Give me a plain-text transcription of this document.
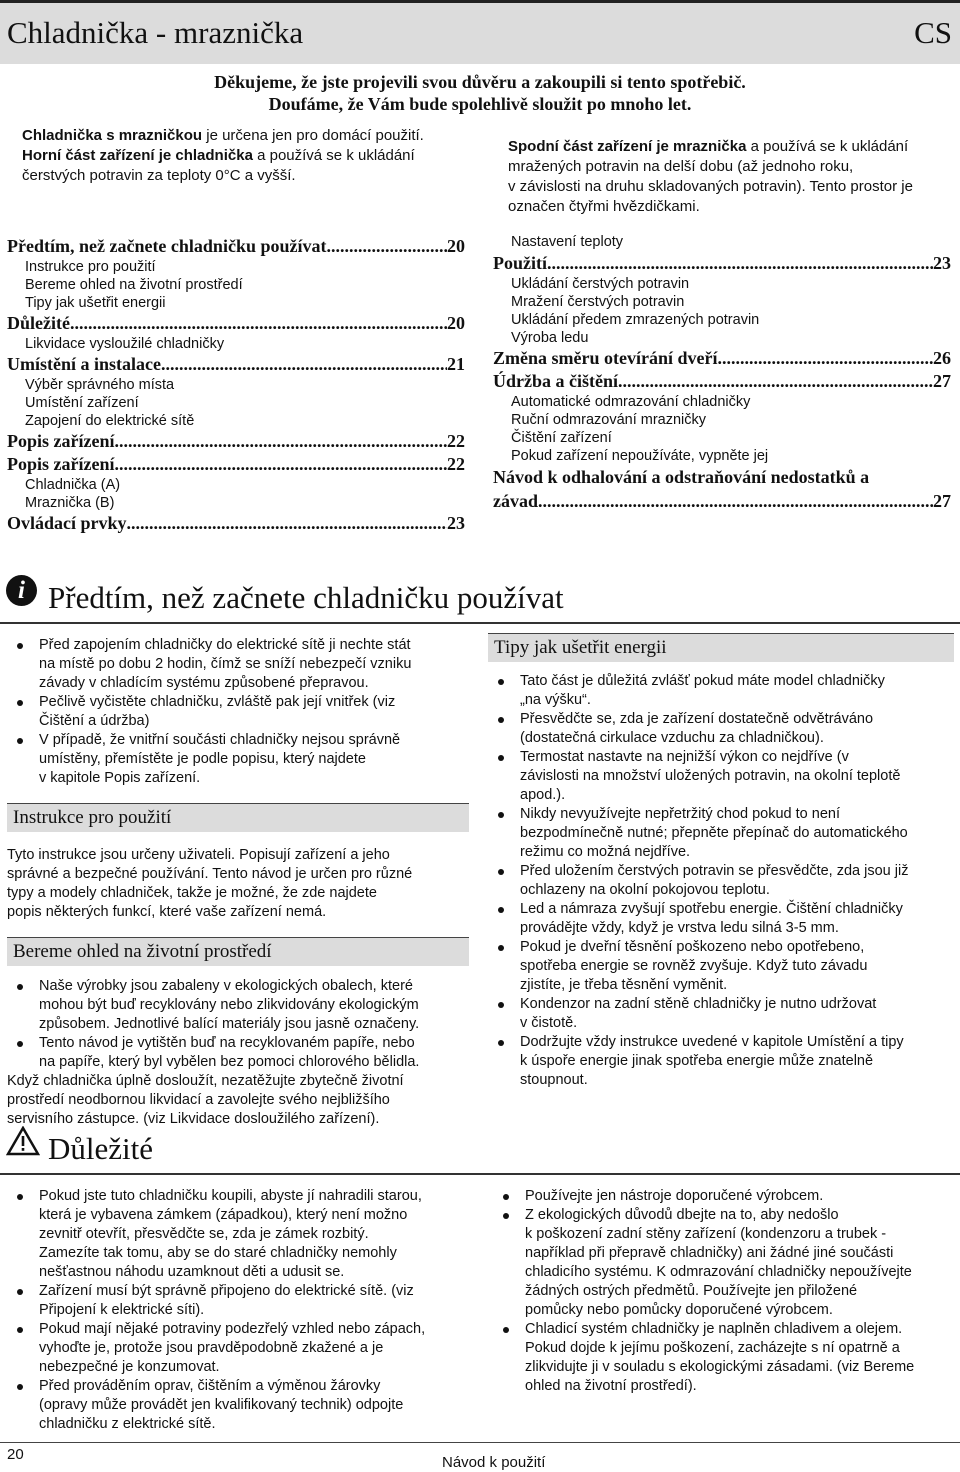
Chladnička - mraznička	CS
Děkujeme, že jste projevili svou důvěru a zakoupili si tento spotřebič.
Doufáme, že Vám bude spolehlivě sloužit po mnoho let.
Chladnička s mrazničkou je určena jen pro domácí použití.
Horní část zařízení je chladnička a používá se k ukládání
čerstvých potravin za teploty 0°C a vyšší.
Spodní část zařízení je mraznička a používá se k ukládání
mražených potravin na delší dobu (až jednoho roku,
v závislosti na druhu skladovaných potravin). Tento prostor je
označen čtyřmi hvězdičkami.
Předtím, než začnete chladničku používat .....	20
Instrukce pro použití
Bereme ohled na životní prostředí
Tipy jak ušetřit energii
Důležité .....	20
Likvidace vysloužilé chladničky
Umístění a instalace .....	21
Výběr správného místa
Umístění zařízení
Zapojení do elektrické sítě
Popis zařízení .....	22
Popis zařízení .....	22
Chladnička (A)
Mraznička (B)
Ovládací prvky .....	23
Nastavení teploty
Použití .....	23
Ukládání čerstvých potravin
Mražení čerstvých potravin
Ukládání předem zmrazených potravin
Výroba ledu
Změna směru otevírání dveří .....	26
Údržba a čištění .....	27
Automatické odmrazování chladničky
Ruční odmrazování mrazničky
Čištění zařízení
Pokud zařízení nepoužíváte, vypněte jej
Návod k odhalování a odstraňování nedostatků a
závad .....	27
i Předtím, než začnete chladničku používat
Před zapojením chladničky do elektrické sítě ji nechte stát
na místě po dobu 2 hodin, čímž se sníží nebezpečí vzniku
závady v chladícím systému způsobené přepravou.
Pečlivě vyčistěte chladničku, zvláště pak její vnitřek (viz
Čištění a údržba)
V případě, že vnitřní součásti chladničky nejsou správně
umístěny, přemístěte je podle popisu, který najdete
v kapitole Popis zařízení.
Instrukce pro použití
Tyto instrukce jsou určeny uživateli. Popisují zařízení a jeho
správné a bezpečné používání. Tento návod je určen pro různé
typy a modely chladniček, takže je možné, že zde najdete
popis některých funkcí, které vaše zařízení nemá.
Bereme ohled na životní prostředí
Naše výrobky jsou zabaleny v ekologických obalech, které
mohou být buď recyklovány nebo zlikvidovány ekologickým
způsobem. Jednotlivé balící materiály jsou jasně označeny.
Tento návod je vytištěn buď na recyklovaném papíře, nebo
na papíře, který byl vybělen bez pomoci chlorového bělidla.
Když chladnička úplně dosloužít, nezatěžujte zbytečně životní
prostředí neodbornou likvidací a zavolejte svého nejbližšího
servisního zástupce. (viz Likvidace dosloužilého zařízení).
Tipy jak ušetřit energii
Tato část je důležitá zvlášť pokud máte model chladničky
„na výšku“.
Přesvědčte se, zda je zařízení dostatečně odvětráváno
(dostatečná cirkulace vzduchu za chladničkou).
Termostat nastavte na nejnižší výkon co nejdříve (v
závislosti na množství uložených potravin, na okolní teplotě
apod.).
Nikdy nevyužívejte nepřetržitý chod pokud to není
bezpodmínečně nutné; přepněte přepínač do automatického
režimu co možná nejdříve.
Před uložením čerstvých potravin se přesvědčte, zda jsou již
ochlazeny na okolní pokojovou teplotu.
Led a námraza zvyšují spotřebu energie. Čištění chladničky
provádějte vždy, když je vrstva ledu silná 3-5 mm.
Pokud je dveřní těsnění poškozeno nebo opotřebeno,
spotřeba energie se rovněž zvyšuje. Když tuto závadu
zjistíte, je třeba těsnění vyměnit.
Kondenzor na zadní stěně chladničky je nutno udržovat
v čistotě.
Dodržujte vždy instrukce uvedené v kapitole Umístění a tipy
k úspoře energie jinak spotřeba energie může znatelně
stoupnout.
Důležité
Pokud jste tuto chladničku koupili, abyste jí nahradili starou,
která je vybavena zámkem (západkou), který není možno
zevnitř otevřít, přesvědčte se, zda je zámek rozbitý.
Zamezíte tak tomu, aby se do staré chladničky nemohly
nešťastnou náhodu uzamknout děti a udusit se.
Zařízení musí být správně připojeno do elektrické sítě. (viz
Připojení k elektrické síti).
Pokud mají nějaké potraviny podezřelý vzhled nebo zápach,
vyhoďte je, protože jsou pravděpodobně zkažené a je
nebezpečné je konzumovat.
Před prováděním oprav, čištěním a výměnou žárovky
(opravy může provádět jen kvalifikovaný technik) odpojte
chladničku z elektrické sítě.
Používejte jen nástroje doporučené výrobcem.
Z ekologických důvodů dbejte na to, aby nedošlo
k poškození zadní stěny zařízení (kondenzoru a trubek -
například při přepravě chladničky) ani žádné jiné součásti
chladicího systému. K odmrazování chladničky nepoužívejte
žádných ostrých předmětů. Používejte jen přiložené
pomůcky nebo pomůcky doporučené výrobcem.
Chladicí systém chladničky je naplněn chladivem a olejem.
Pokud dojde k jejímu poškození, zacházejte s ní opatrně a
zlikvidujte ji v souladu s ekologickými zásadami. (viz Bereme
ohled na životní prostředí).
20	Návod k použití
